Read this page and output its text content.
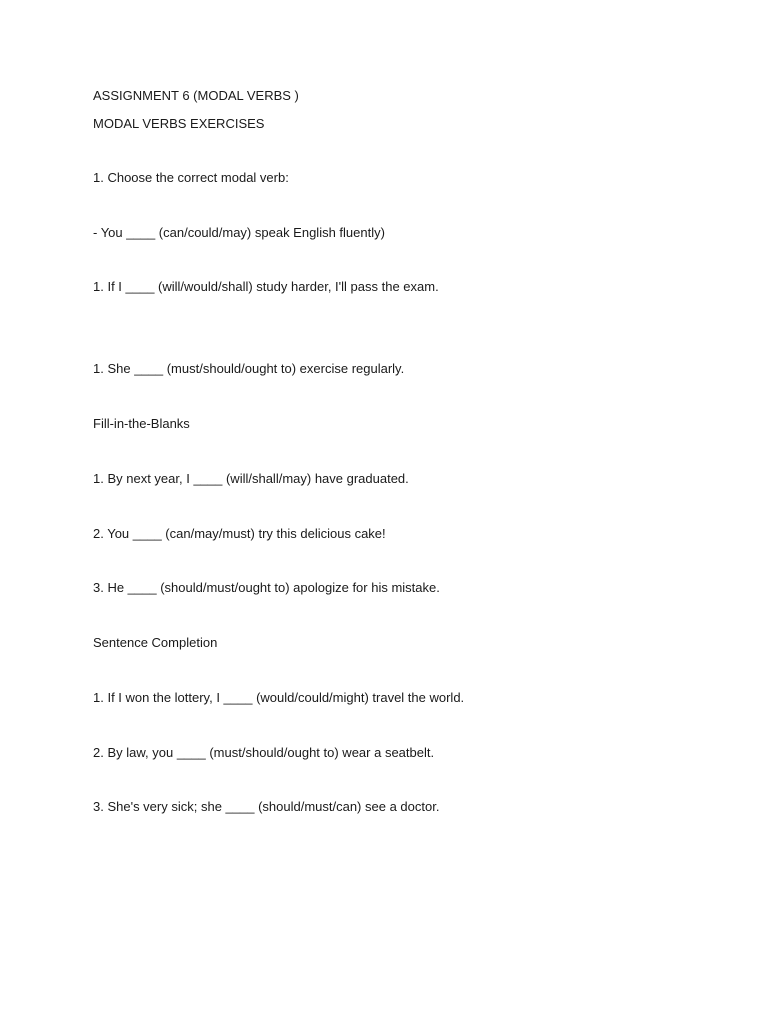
ASSIGNMENT 6 (MODAL VERBS )
MODAL VERBS EXERCISES
1. Choose the correct modal verb:
- You ____ (can/could/may) speak English fluently)
1. If I ____ (will/would/shall) study harder, I'll pass the exam.
1. She ____ (must/should/ought to) exercise regularly.
Fill-in-the-Blanks
1. By next year, I ____ (will/shall/may) have graduated.
2. You ____ (can/may/must) try this delicious cake!
3. He ____ (should/must/ought to) apologize for his mistake.
Sentence Completion
1. If I won the lottery, I ____ (would/could/might) travel the world.
2. By law, you ____ (must/should/ought to) wear a seatbelt.
3. She's very sick; she ____ (should/must/can) see a doctor.
